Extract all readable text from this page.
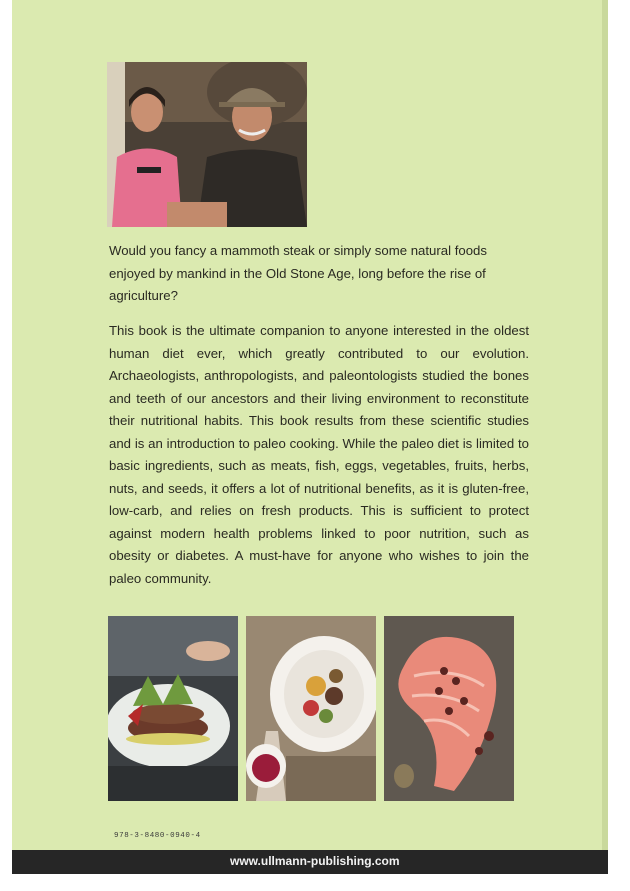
Would you fancy a mammoth steak or simply some natural foods enjoyed by mankind in the Old Stone Age, long before the rise of agriculture?

This book is the ultimate companion to anyone interested in the oldest human diet ever, which greatly contributed to our evolution. Archaeologists, anthropologists, and paleontologists studied the bones and teeth of our ancestors and their living environment to reconstitute their nutritional habits. This book results from these scientific studies and is an introduction to paleo cooking. While the paleo diet is limited to basic ingredients, such as meats, fish, eggs, vegetables, fruits, herbs, nuts, and seeds, it offers a lot of nutritional benefits, as it is gluten-free, low-carb, and relies on fresh products. This is sufficient to protect against modern health problems linked to poor nutrition, such as obesity or diabetes. A must-have for anyone who wishes to join the paleo community.

978-3-8480-0940-4
www.ullmann-publishing.com
